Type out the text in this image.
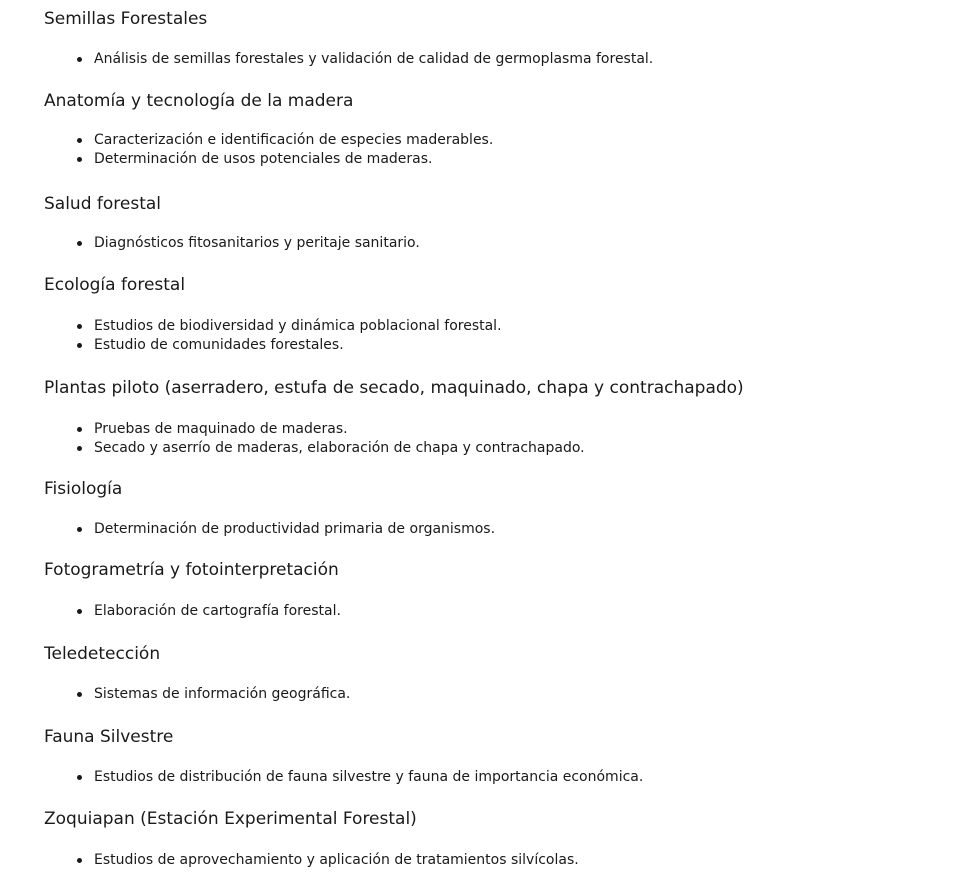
Semillas Forestales
Análisis de semillas forestales y validación de calidad de germoplasma forestal.
Anatomía y tecnología de la madera
Caracterización e identificación de especies maderables.
Determinación de usos potenciales de maderas.
Salud forestal
Diagnósticos fitosanitarios y peritaje sanitario.
Ecología forestal
Estudios de biodiversidad y dinámica poblacional forestal.
Estudio de comunidades forestales.
Plantas piloto (aserradero, estufa de secado, maquinado, chapa y contrachapado)
Pruebas de maquinado de maderas.
Secado y aserrío de maderas, elaboración de chapa y contrachapado.
Fisiología
Determinación de productividad primaria de organismos.
Fotogrametría y fotointerpretación
Elaboración de cartografía forestal.
Teledetección
Sistemas de información geográfica.
Fauna Silvestre
Estudios de distribución de fauna silvestre y fauna de importancia económica.
Zoquiapan (Estación Experimental Forestal)
Estudios de aprovechamiento y aplicación de tratamientos silvícolas.
